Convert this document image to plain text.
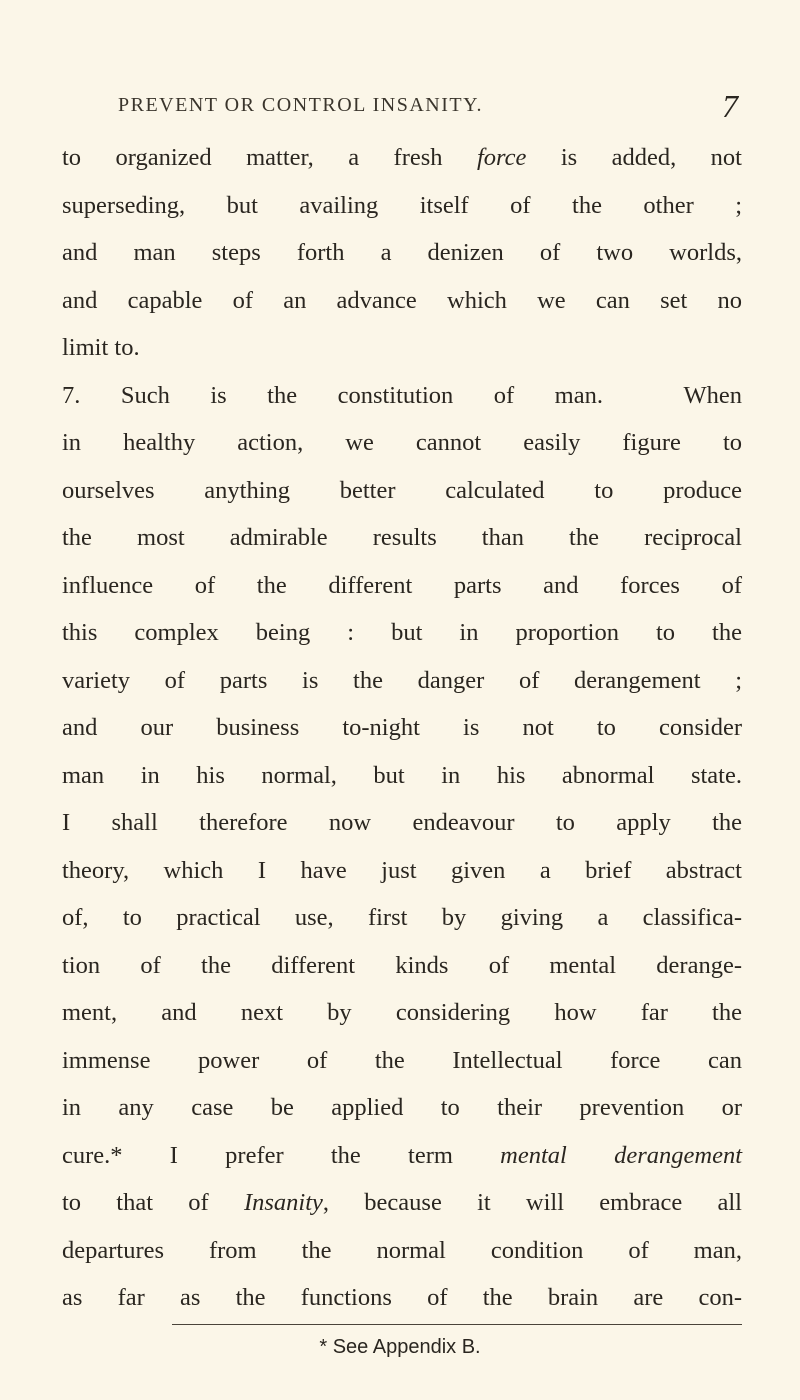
PREVENT OR CONTROL INSANITY.	7
to organized matter, a fresh force is added, not
superseding, but availing itself of the other ;
and man steps forth a denizen of two worlds,
and capable of an advance which we can set no
limit to.
7. Such is the constitution of man.  When
in healthy action, we cannot easily figure to
ourselves anything better calculated to produce
the most admirable results than the reciprocal
influence of the different parts and forces of
this complex being : but in proportion to the
variety of parts is the danger of derangement ;
and our business to-night is not to consider
man in his normal, but in his abnormal state.
I shall therefore now endeavour to apply the
theory, which I have just given a brief abstract
of, to practical use, first by giving a classifica-
tion of the different kinds of mental derange-
ment, and next by considering how far the
immense power of the Intellectual force can
in any case be applied to their prevention or
cure.* I prefer the term mental derangement
to that of Insanity, because it will embrace all
departures from the normal condition of man,
as far as the functions of the brain are con-
* See Appendix B.
